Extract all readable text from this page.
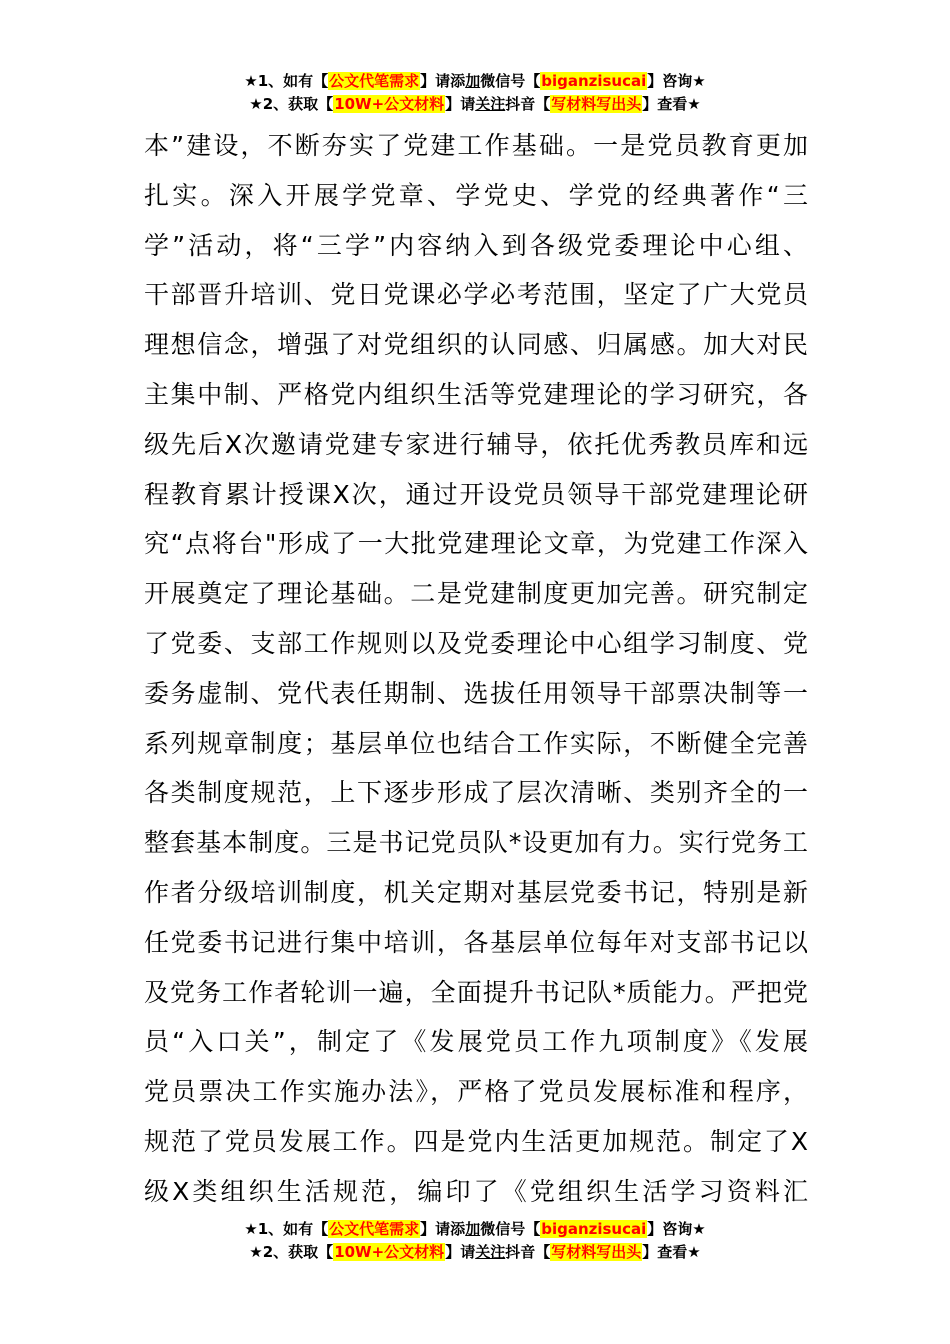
★1、如有【公文代笔需求】请添加微信号【biganzisucai】咨询★
★2、获取【10W+公文材料】请关注抖音【写材料写出头】查看★
本”建设，不断夯实了党建工作基础。一是党员教育更加
扎实。深入开展学党章、学党史、学党的经典著作“三
学”活动，将“三学”内容纳入到各级党委理论中心组、
干部晋升培训、党日党课必学必考范围，坚定了广大党员
理想信念，增强了对党组织的认同感、归属感。加大对民
主集中制、严格党内组织生活等党建理论的学习研究，各
级先后X次邀请党建专家进行辅导，依托优秀教员库和远
程教育累计授课X次，通过开设党员领导干部党建理论研
究“点将台"形成了一大批党建理论文章，为党建工作深入
开展奠定了理论基础。二是党建制度更加完善。研究制定
了党委、支部工作规则以及党委理论中心组学习制度、党
委务虚制、党代表任期制、选拔任用领导干部票决制等一
系列规章制度；基层单位也结合工作实际，不断健全完善
各类制度规范，上下逐步形成了层次清晰、类别齐全的一
整套基本制度。三是书记党员队*设更加有力。实行党务工
作者分级培训制度，机关定期对基层党委书记，特别是新
任党委书记进行集中培训，各基层单位每年对支部书记以
及党务工作者轮训一遍，全面提升书记队*质能力。严把党
员“入口关”，制定了《发展党员工作九项制度》《发展
党员票决工作实施办法》，严格了党员发展标准和程序，
规范了党员发展工作。四是党内生活更加规范。制定了X
级X类组织生活规范，编印了《党组织生活学习资料汇
★1、如有【公文代笔需求】请添加微信号【biganzisucai】咨询★
★2、获取【10W+公文材料】请关注抖音【写材料写出头】查看★
